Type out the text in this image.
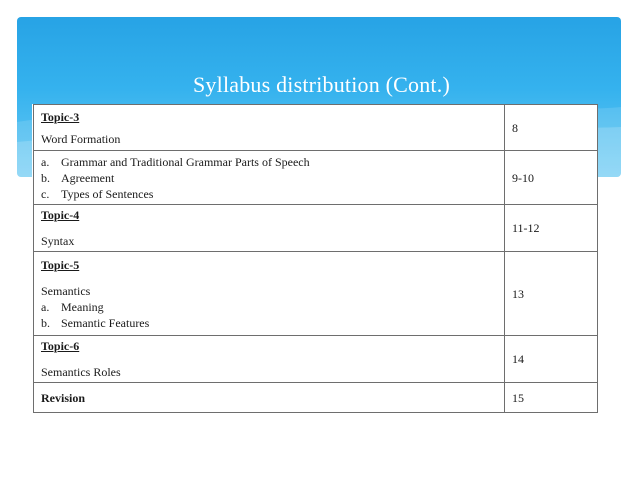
Syllabus distribution (Cont.)
Topic-3
Word Formation	8

a. Grammar and Traditional Grammar Parts of Speech
b. Agreement
c. Types of Sentences	9-10

Topic-4
Syntax	11-12

Topic-5
Semantics
a. Meaning
b. Semantic Features	13

Topic-6
Semantics Roles	14
Revision	15
